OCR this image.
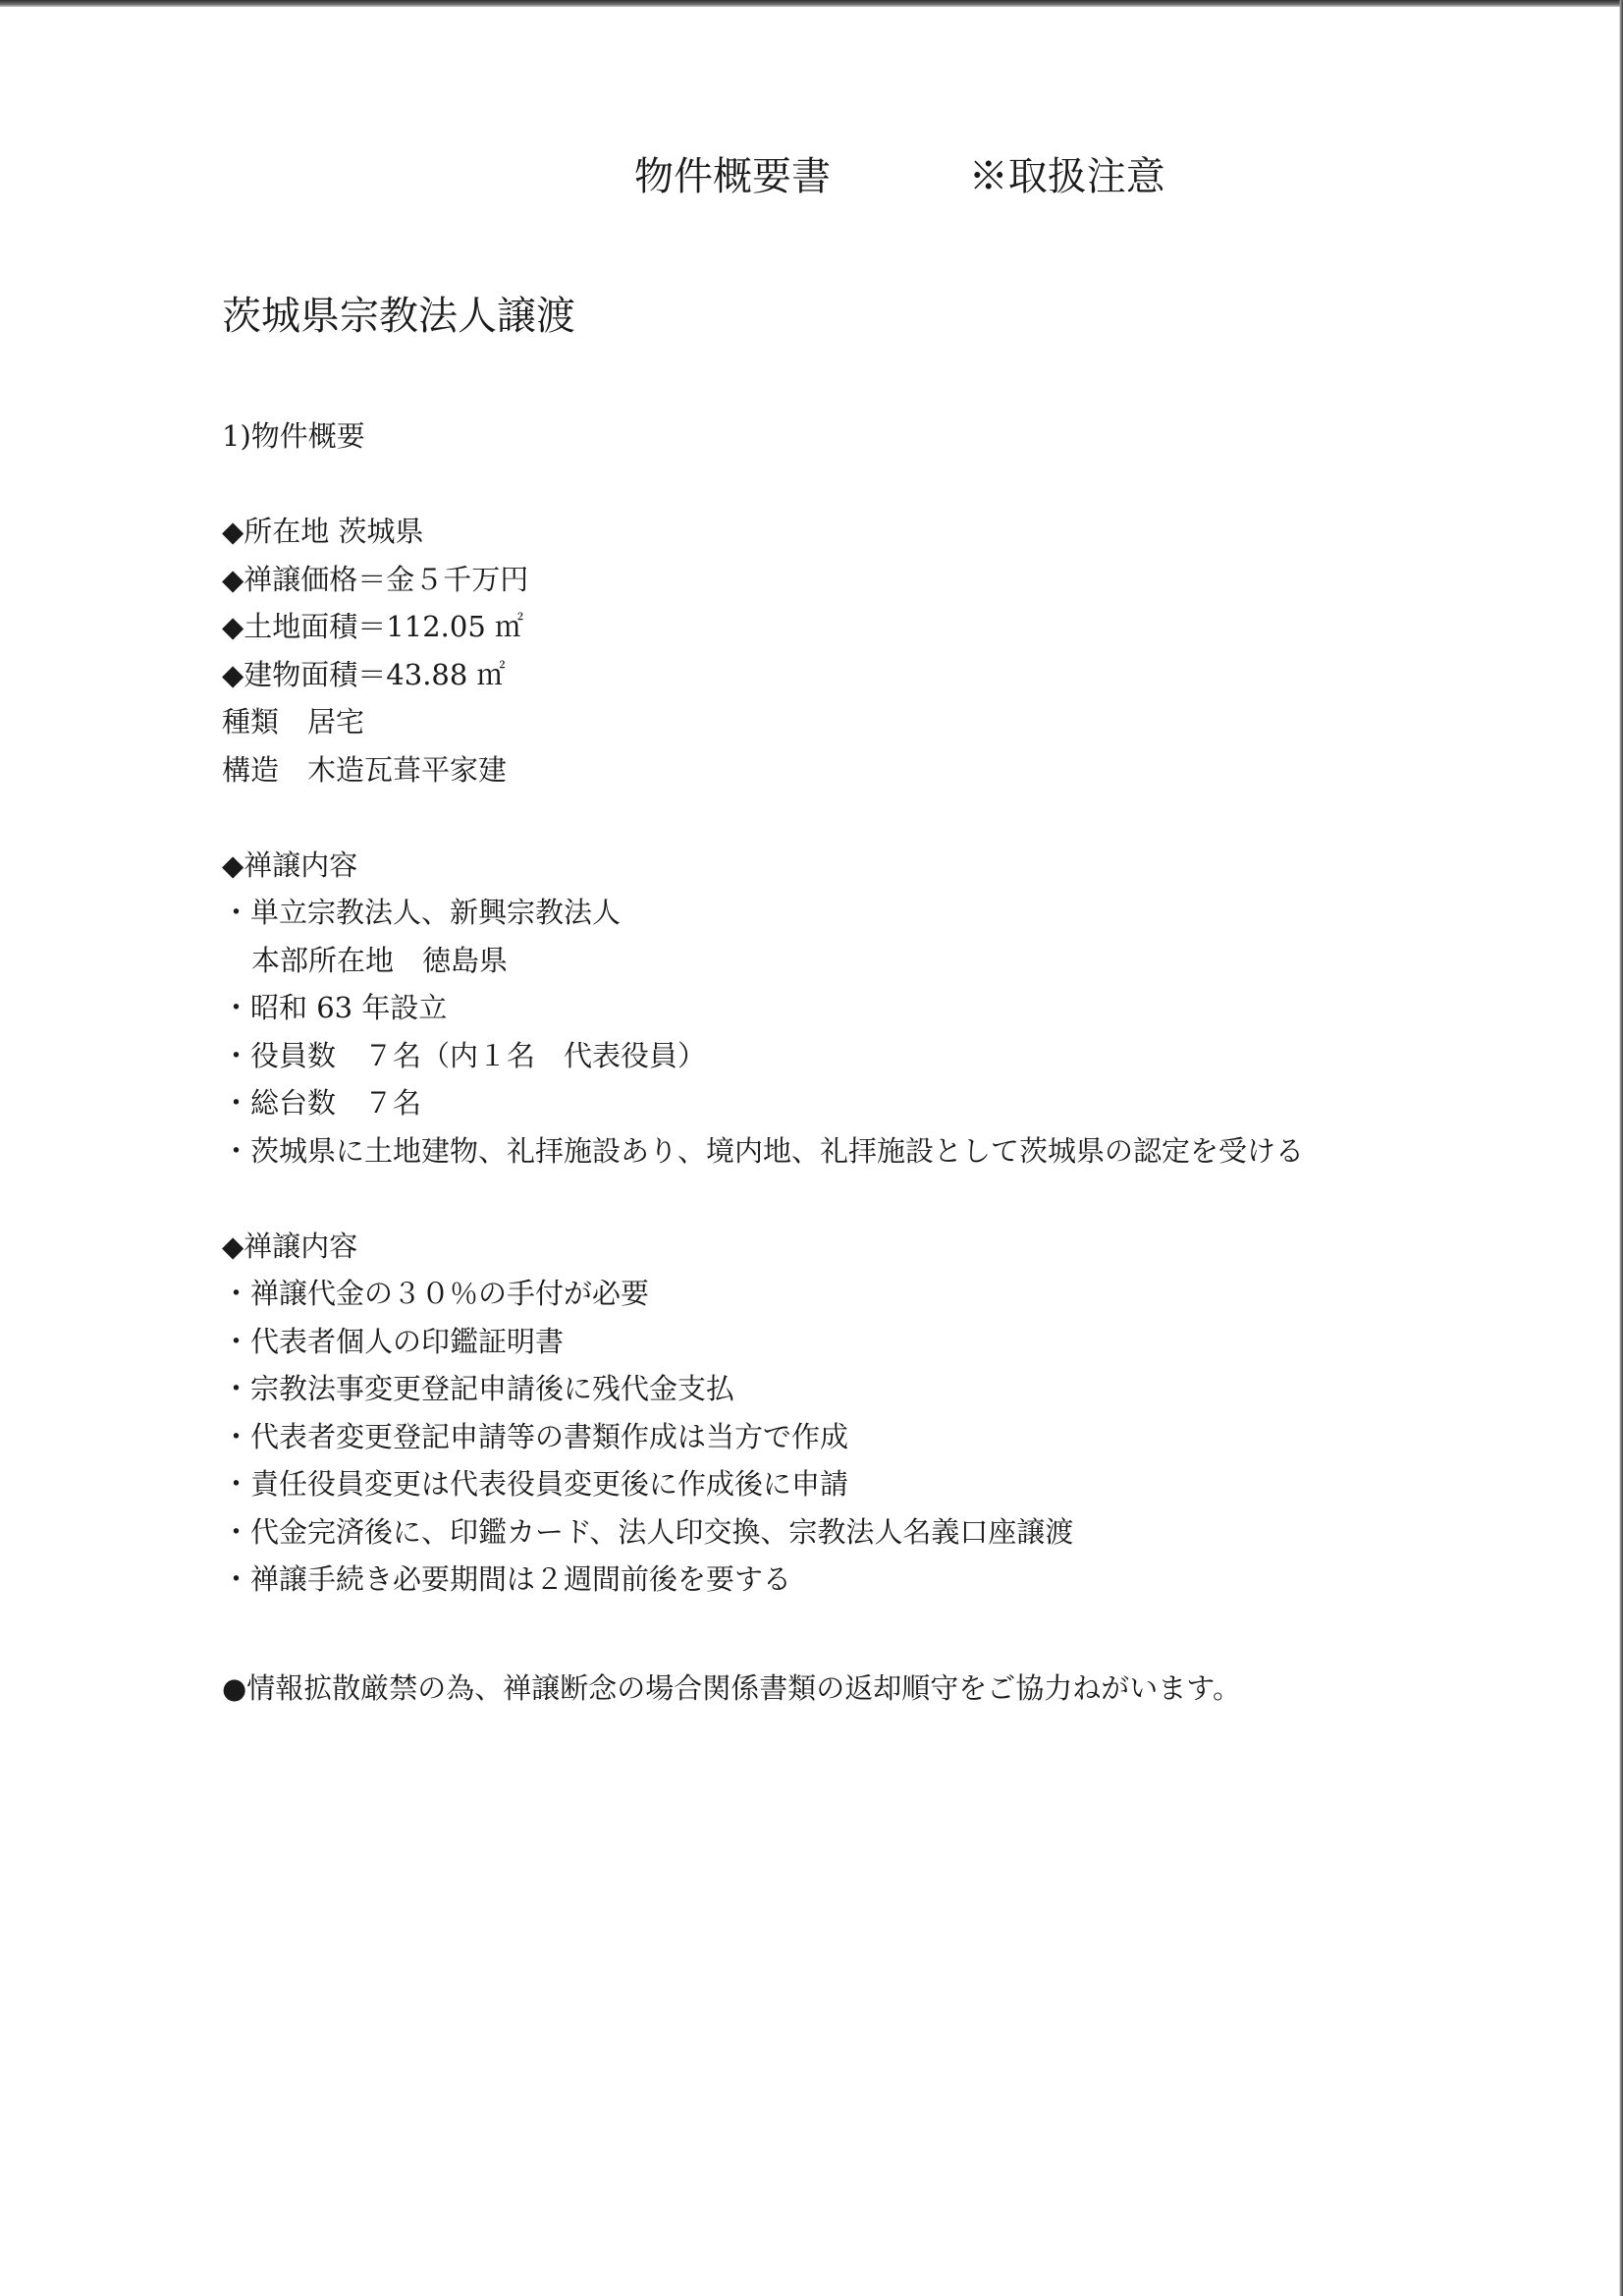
物件概要書	※取扱注意
茨城県宗教法人譲渡
1)物件概要
◆所在地 茨城県
◆禅譲価格＝金５千万円
◆土地面積＝112.05 ㎡
◆建物面積＝43.88 ㎡
種類　居宅
構造　木造瓦葺平家建
◆禅譲内容
・単立宗教法人、新興宗教法人
本部所在地　徳島県
・昭和 63 年設立
・役員数　７名（内１名　代表役員）
・総台数　７名
・茨城県に土地建物、礼拝施設あり、境内地、礼拝施設として茨城県の認定を受ける
◆禅譲内容
・禅譲代金の３０％の手付が必要
・代表者個人の印鑑証明書
・宗教法事変更登記申請後に残代金支払
・代表者変更登記申請等の書類作成は当方で作成
・責任役員変更は代表役員変更後に作成後に申請
・代金完済後に、印鑑カード、法人印交換、宗教法人名義口座譲渡
・禅譲手続き必要期間は２週間前後を要する
●情報拡散厳禁の為、禅譲断念の場合関係書類の返却順守をご協力ねがいます。
